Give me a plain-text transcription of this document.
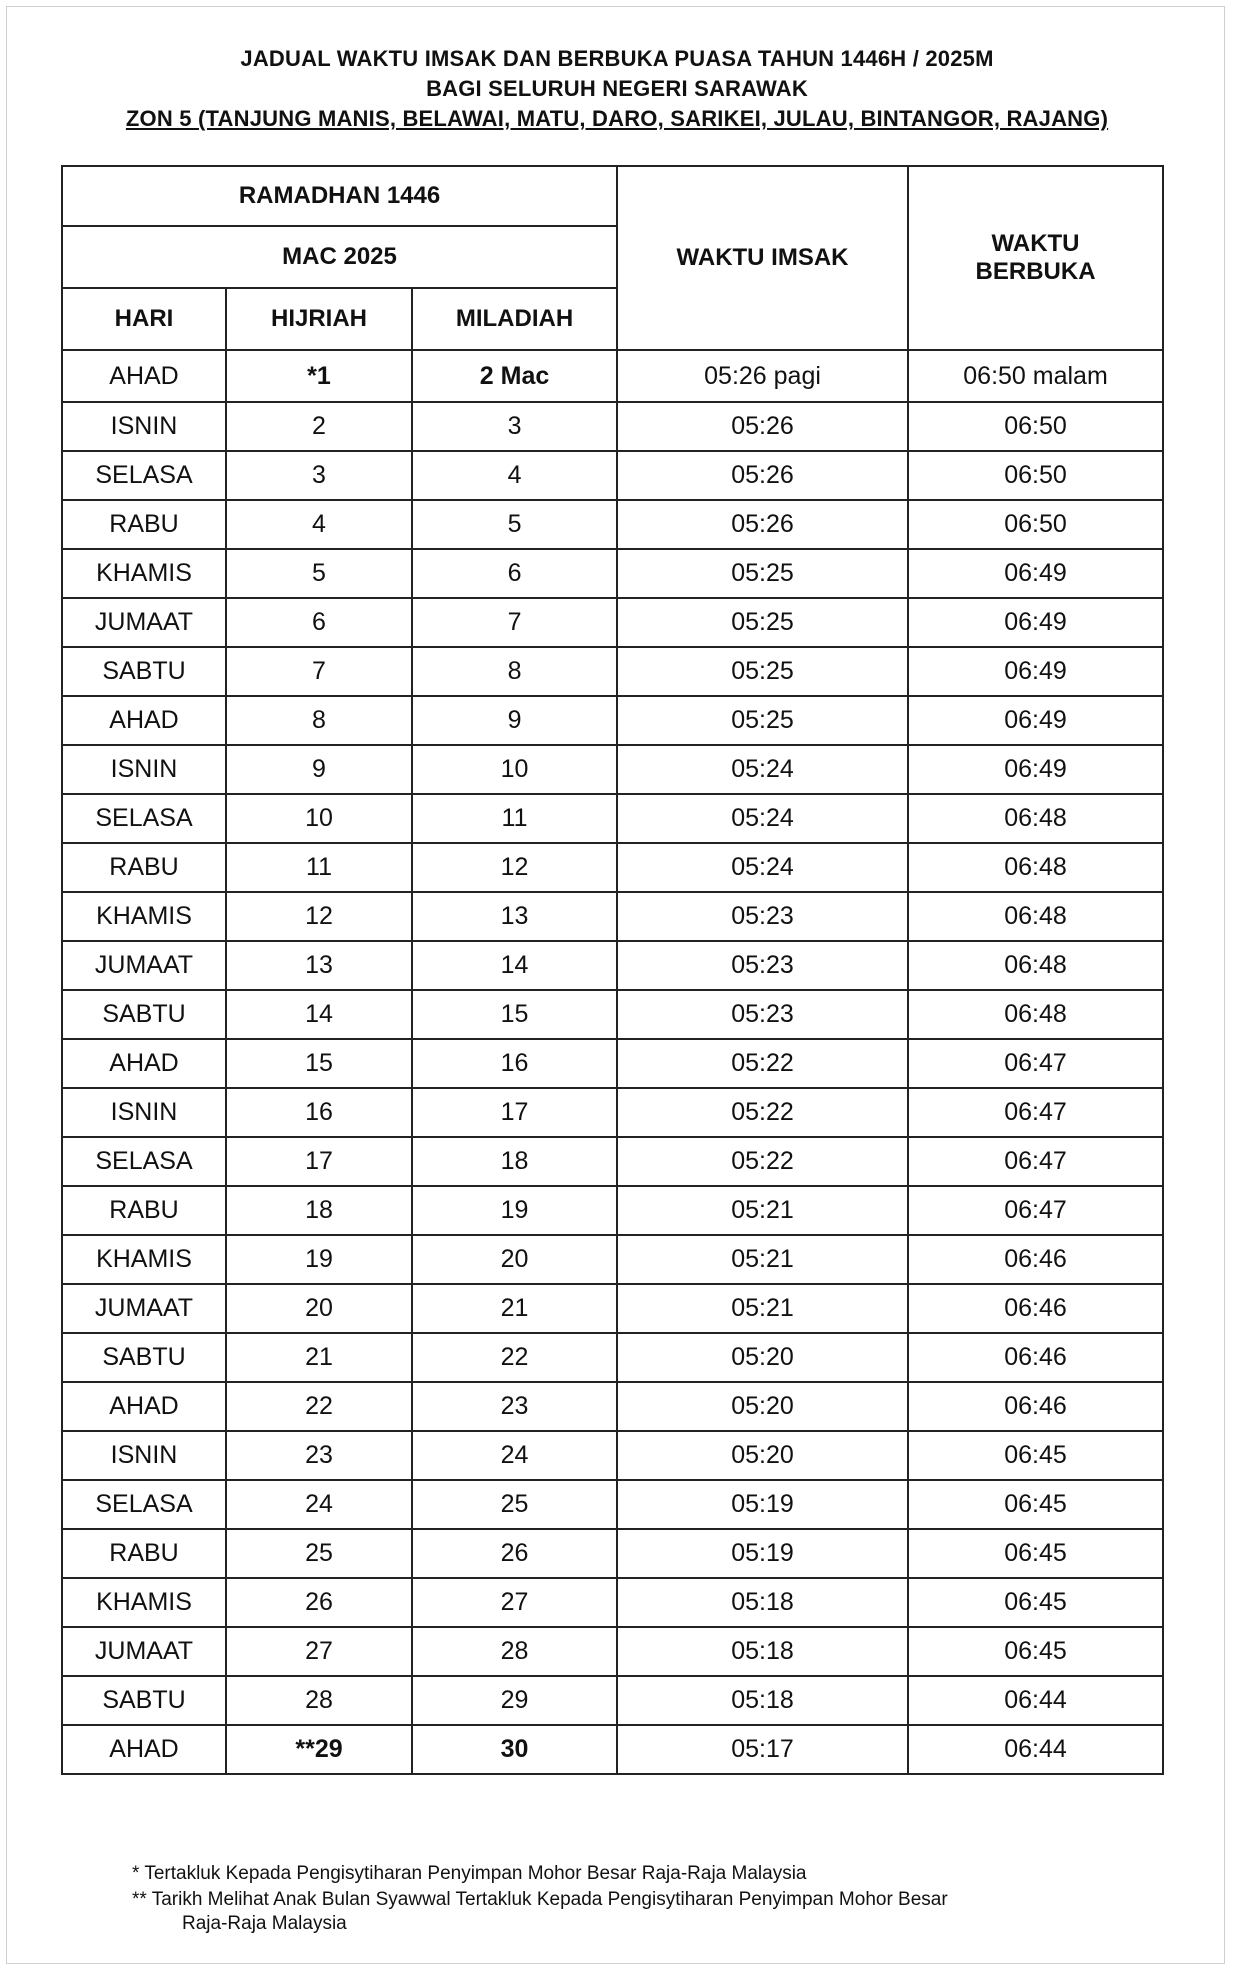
JADUAL WAKTU IMSAK DAN BERBUKA PUASA TAHUN 1446H / 2025M
BAGI SELURUH NEGERI SARAWAK
ZON 5 (TANJUNG MANIS, BELAWAI, MATU, DARO, SARIKEI, JULAU, BINTANGOR, RAJANG)
RAMADHAN 1446			WAKTU IMSAK	WAKTU
BERBUKA
MAC 2025				
HARI	HIJRIAH	MILADIAH		
AHAD	*1	2 Mac	05:26 pagi	06:50 malam
ISNIN	2	3	05:26	06:50
SELASA	3	4	05:26	06:50
RABU	4	5	05:26	06:50
KHAMIS	5	6	05:25	06:49
JUMAAT	6	7	05:25	06:49
SABTU	7	8	05:25	06:49
AHAD	8	9	05:25	06:49
ISNIN	9	10	05:24	06:49
SELASA	10	11	05:24	06:48
RABU	11	12	05:24	06:48
KHAMIS	12	13	05:23	06:48
JUMAAT	13	14	05:23	06:48
SABTU	14	15	05:23	06:48
AHAD	15	16	05:22	06:47
ISNIN	16	17	05:22	06:47
SELASA	17	18	05:22	06:47
RABU	18	19	05:21	06:47
KHAMIS	19	20	05:21	06:46
JUMAAT	20	21	05:21	06:46
SABTU	21	22	05:20	06:46
AHAD	22	23	05:20	06:46
ISNIN	23	24	05:20	06:45
SELASA	24	25	05:19	06:45
RABU	25	26	05:19	06:45
KHAMIS	26	27	05:18	06:45
JUMAAT	27	28	05:18	06:45
SABTU	28	29	05:18	06:44
AHAD	**29	30	05:17	06:44
* Tertakluk Kepada Pengisytiharan Penyimpan Mohor Besar Raja-Raja Malaysia
** Tarikh Melihat Anak Bulan Syawwal Tertakluk Kepada Pengisytiharan Penyimpan Mohor Besar
Raja-Raja Malaysia
